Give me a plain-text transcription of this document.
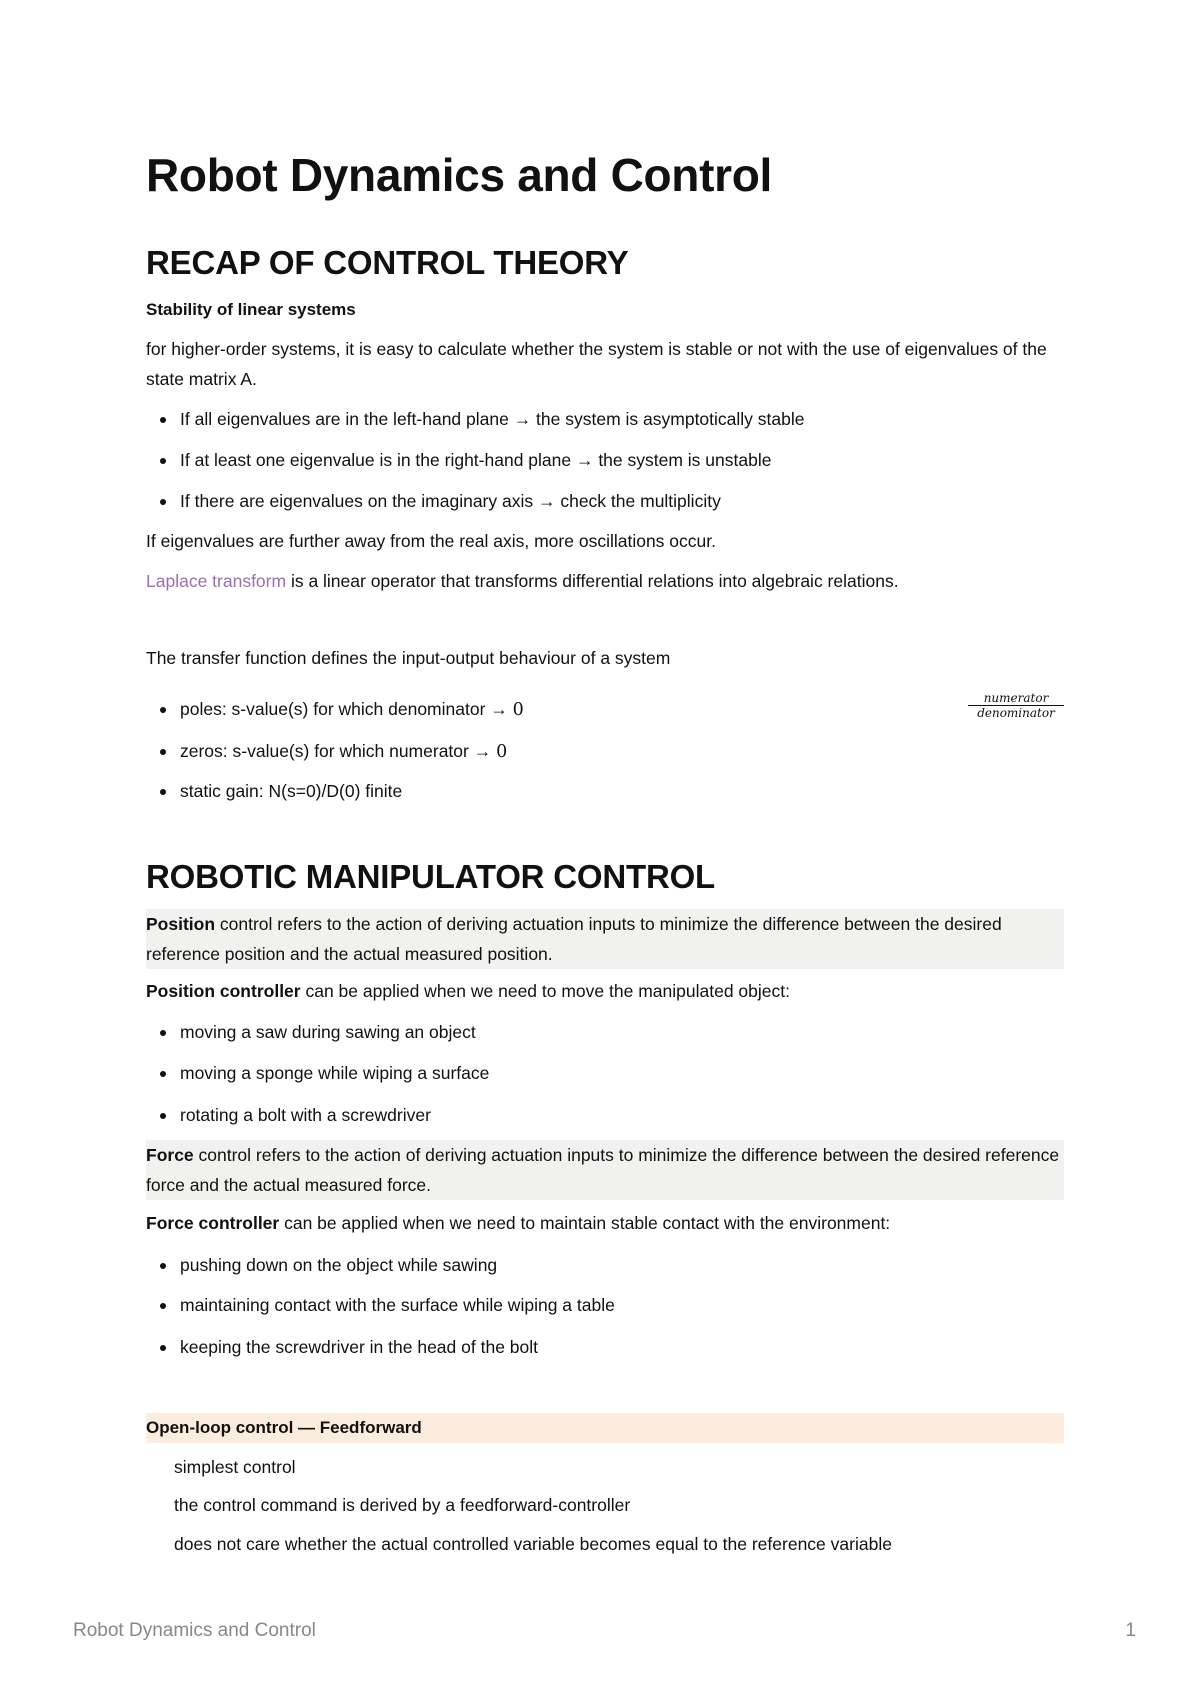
Robot Dynamics and Control
RECAP OF CONTROL THEORY
Stability of linear systems
for higher-order systems, it is easy to calculate whether the system is stable or not with the use of eigenvalues of the state matrix A.
If all eigenvalues are in the left-hand plane → the system is asymptotically stable
If at least one eigenvalue is in the right-hand plane → the system is unstable
If there are eigenvalues on the imaginary axis → check the multiplicity
If eigenvalues are further away from the real axis, more oscillations occur.
Laplace transform is a linear operator that transforms differential relations into algebraic relations.
The transfer function defines the input-output behaviour of a system
numerator
denominator
poles: s-value(s) for which denominator → 0
zeros: s-value(s) for which numerator → 0
static gain: N(s=0)/D(0) finite
ROBOTIC MANIPULATOR CONTROL
Position control refers to the action of deriving actuation inputs to minimize the difference between the desired reference position and the actual measured position.
Position controller can be applied when we need to move the manipulated object:
moving a saw during sawing an object
moving a sponge while wiping a surface
rotating a bolt with a screwdriver
Force control refers to the action of deriving actuation inputs to minimize the difference between the desired reference force and the actual measured force.
Force controller can be applied when we need to maintain stable contact with the environment:
pushing down on the object while sawing
maintaining contact with the surface while wiping a table
keeping the screwdriver in the head of the bolt
Open-loop control — Feedforward
simplest control
the control command is derived by a feedforward-controller
does not care whether the actual controlled variable becomes equal to the reference variable
Robot Dynamics and Control	1
